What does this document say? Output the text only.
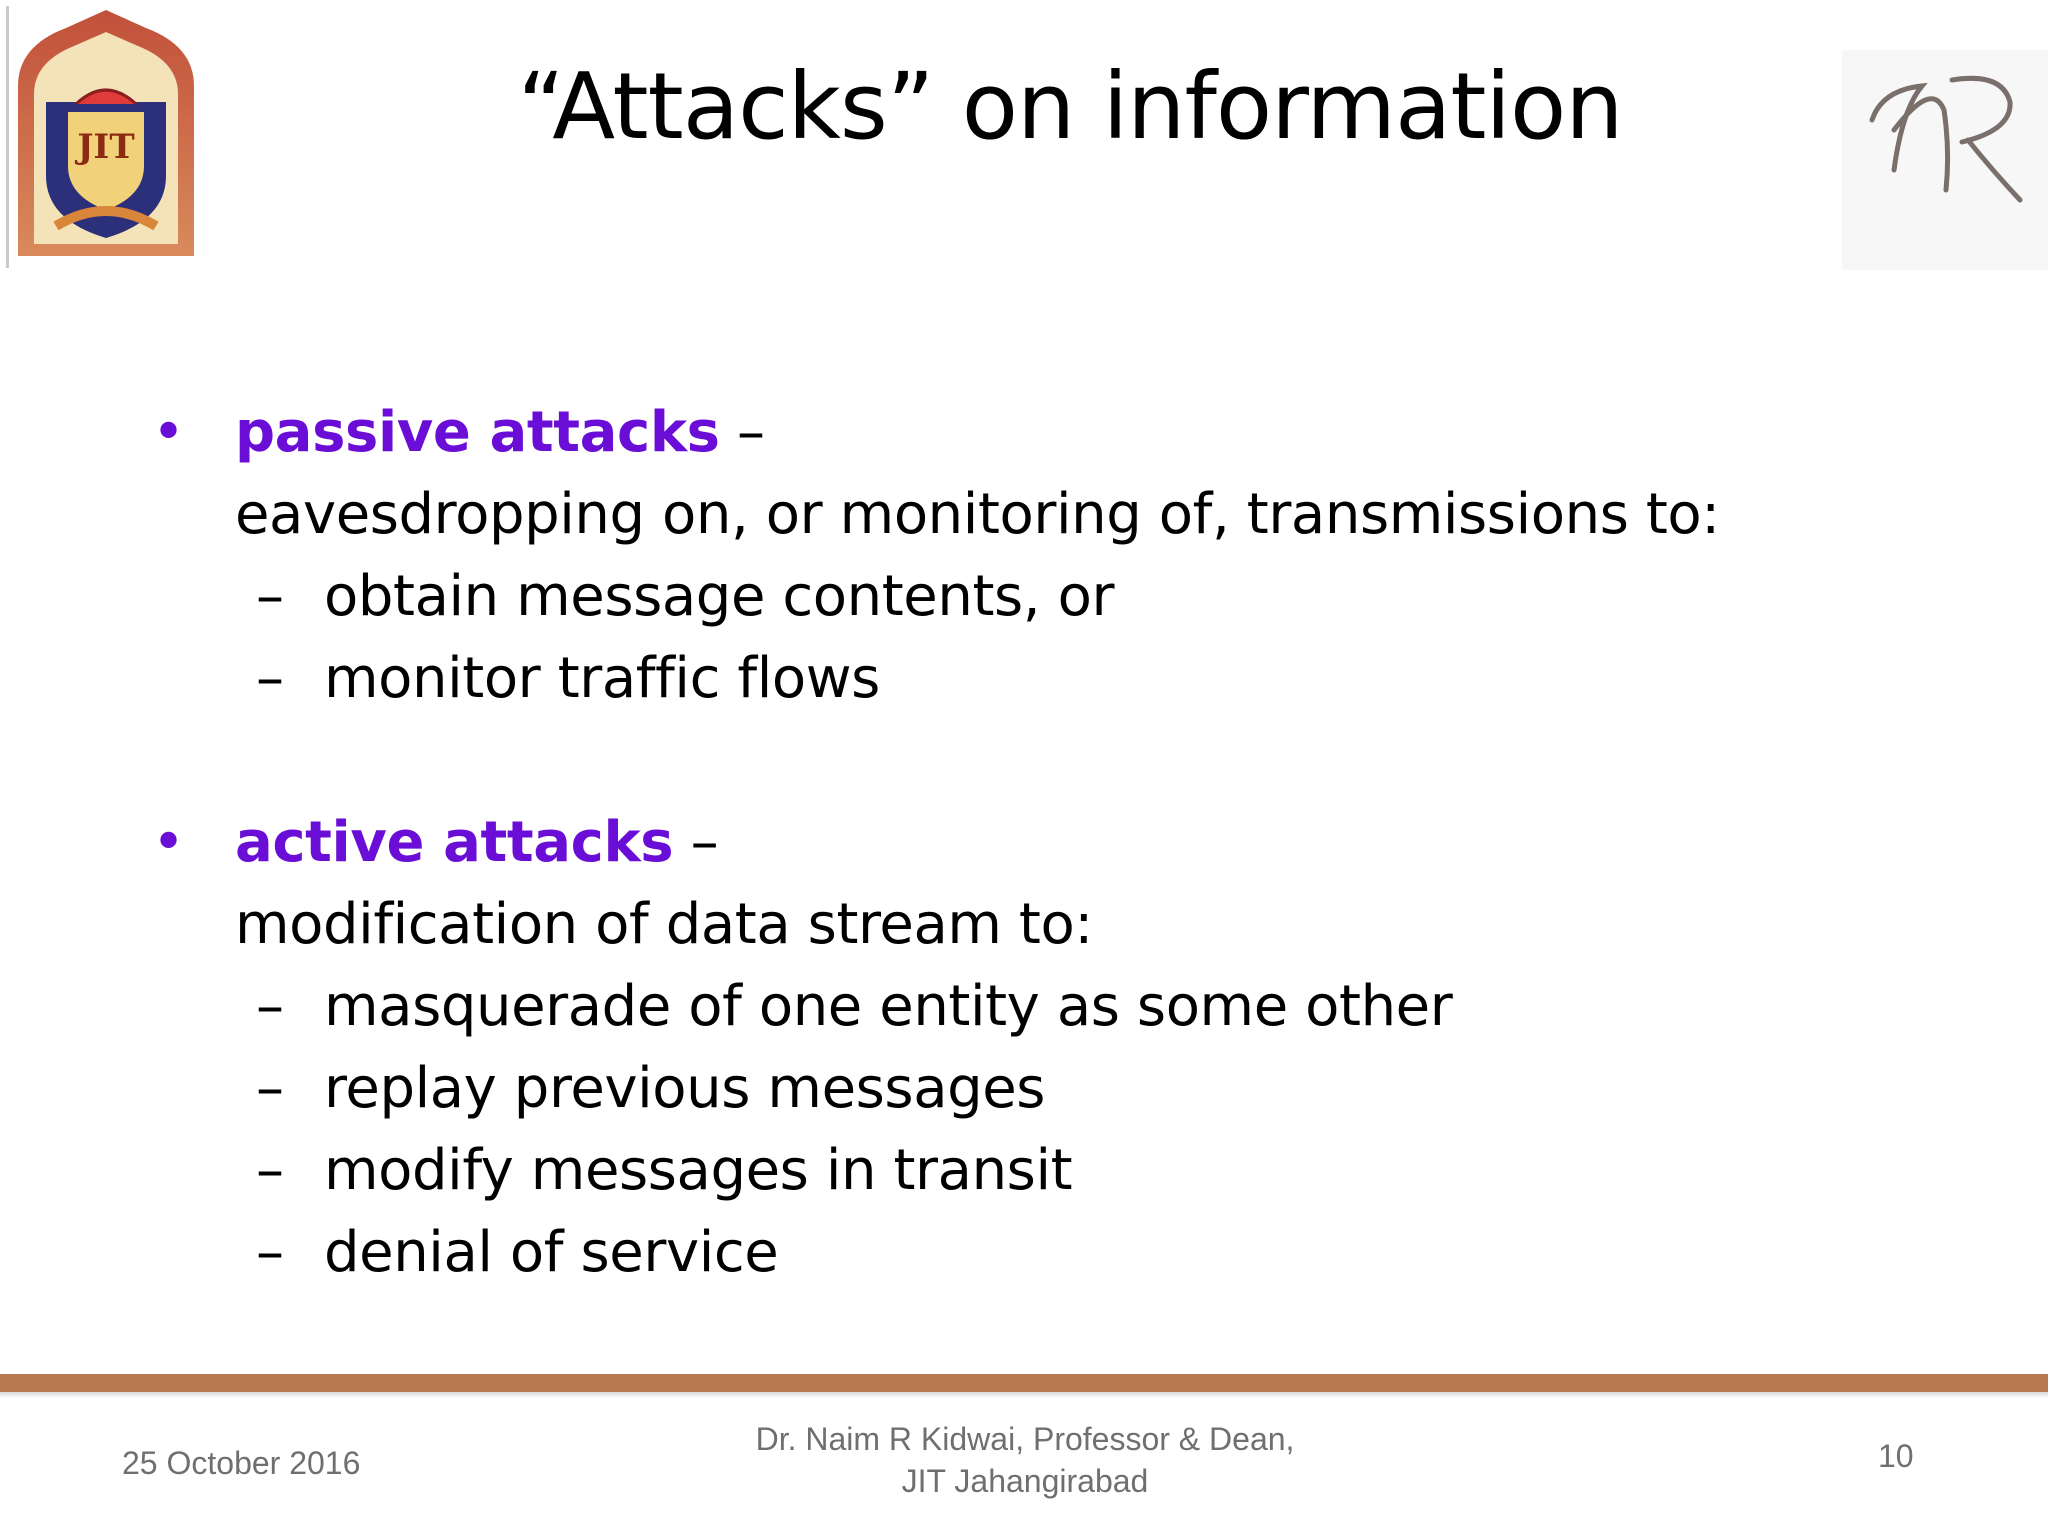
JIT	“Attacks” on information
• passive attacks –
eavesdropping on, or monitoring of, transmissions to:
– obtain message contents, or
– monitor traffic flows
• active attacks –
modification of data stream to:
– masquerade of one entity as some other
– replay previous messages
– modify messages in transit
– denial of service
25 October 2016
Dr. Naim R Kidwai, Professor & Dean,
JIT Jahangirabad
10
